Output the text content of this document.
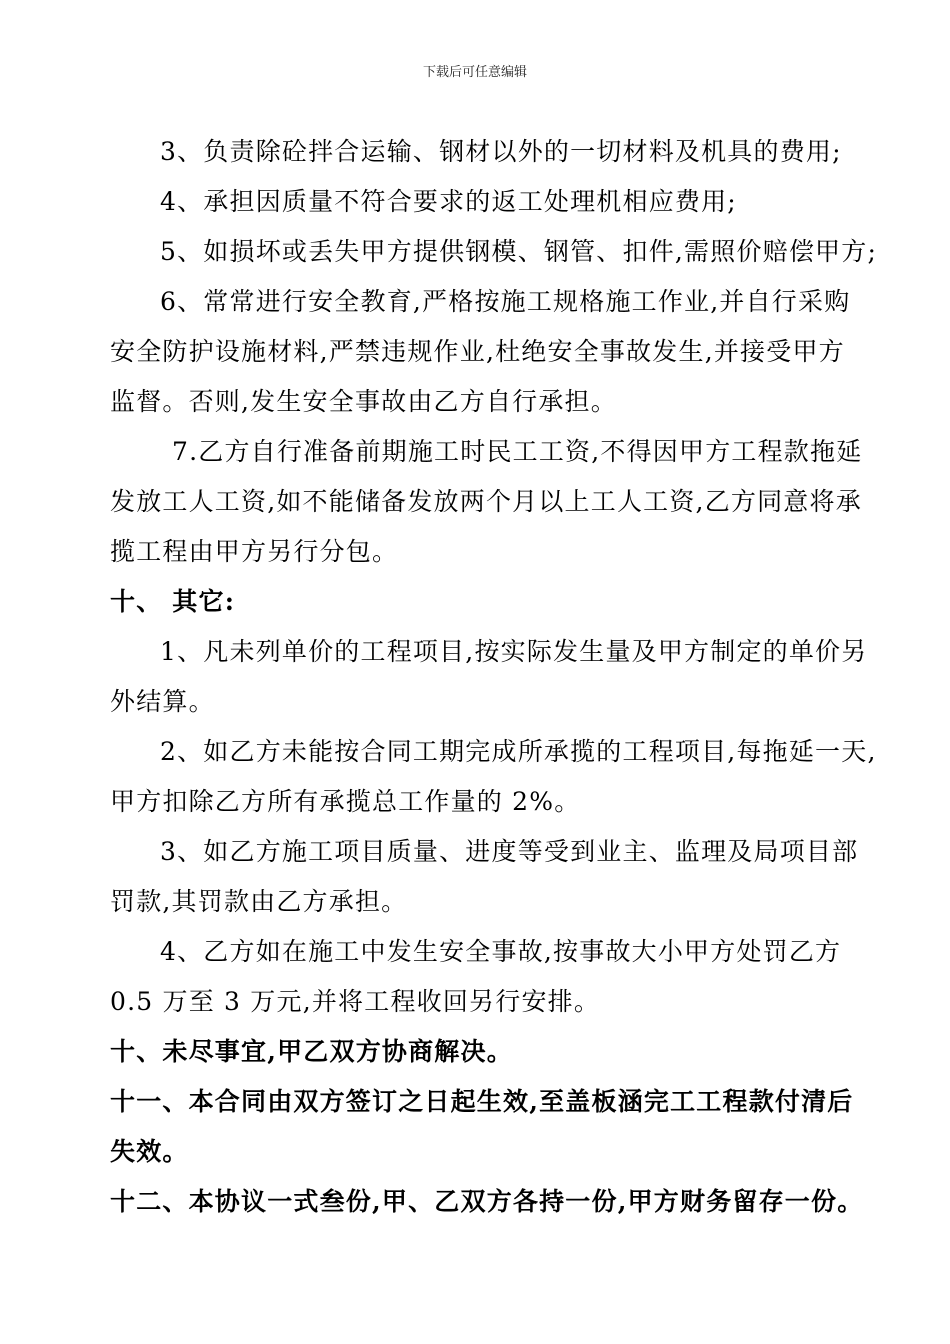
下载后可任意编辑
3、负责除砼拌合运输、钢材以外的一切材料及机具的费用;
4、承担因质量不符合要求的返工处理机相应费用;
5、如损坏或丢失甲方提供钢模、钢管、扣件,需照价赔偿甲方;
6、常常进行安全教育,严格按施工规格施工作业,并自行采购
安全防护设施材料,严禁违规作业,杜绝安全事故发生,并接受甲方
监督。否则,发生安全事故由乙方自行承担。
7.乙方自行准备前期施工时民工工资,不得因甲方工程款拖延
发放工人工资,如不能储备发放两个月以上工人工资,乙方同意将承
揽工程由甲方另行分包。
十、 其它:
1、凡未列单价的工程项目,按实际发生量及甲方制定的单价另
外结算。
2、如乙方未能按合同工期完成所承揽的工程项目,每拖延一天,
甲方扣除乙方所有承揽总工作量的 2%。
3、如乙方施工项目质量、进度等受到业主、监理及局项目部
罚款,其罚款由乙方承担。
4、乙方如在施工中发生安全事故,按事故大小甲方处罚乙方
0.5 万至 3 万元,并将工程收回另行安排。
十、未尽事宜,甲乙双方协商解决。
十一、本合同由双方签订之日起生效,至盖板涵完工工程款付清后
失效。
十二、本协议一式叁份,甲、乙双方各持一份,甲方财务留存一份。
